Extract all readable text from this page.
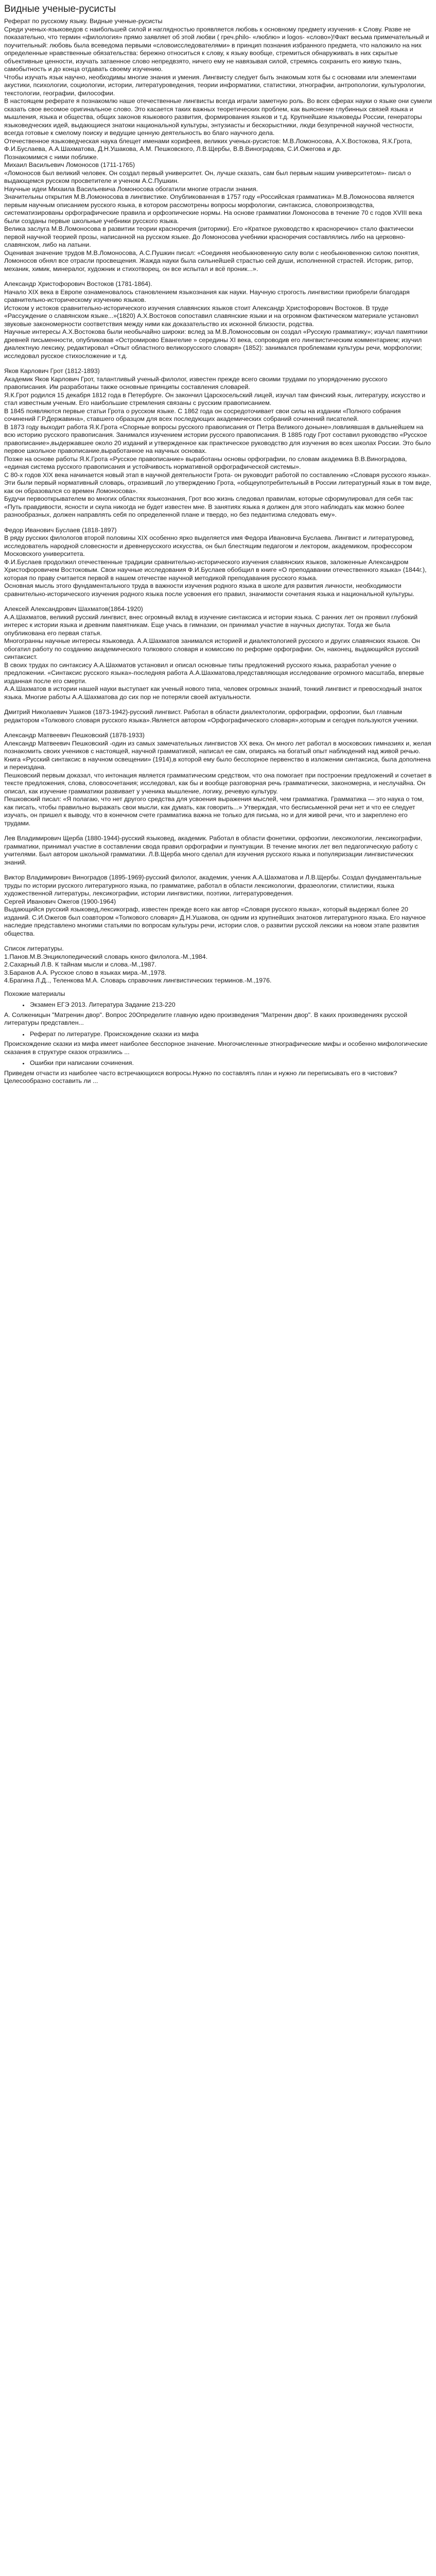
Видные ученые-русисты

Реферат по русскому языку. Видные ученые-русисты

Среди ученых-языковедов с наибольшей силой и наглядностью проявляется любовь к основному предмету изучения- к Слову. Разве не показательно, что термин «филология» прямо заявляет об этой любви ( греч.philo- «люблю» и logos- «слово»)!Факт весьма примечательный и поучительный: любовь была всеведома первыми «словоисследователями» в принцип познания избранного предмета, что наложило на них определенные нравственные обязательства: бережно относиться к слову, к языку вообще, стремиться обнаруживать в них скрытые объективные ценности, изучать затаенное слово непредвзято, ничего ему не навязывая силой, стремясь сохранить его живую ткань, самобытность и до конца отдавать своему изучению.

Чтобы изучать язык научно, необходимы многие знания и умения. Лингвисту следует быть знакомым хотя бы с основами или элементами акустики, психологии, социологии, истории, литературоведения, теории информатики, статистики, этнографии, антропологии, культурологии, текстологии, географии, философии.

В настоящем реферате я познакомлю наше отечественные лингвисты всегда играли заметную роль. Во всех сферах науки о языке они сумели сказать свое весомое оригинальное слово. Это касается таких важных теоретических проблем, как выяснение глубинных связей языка и мышления, языка и общества, общих законов языкового развития, формирования языков и т.д. Крупнейшие языковеды России, генераторы языковедческих идей, выдающиеся знатоки национальной культуры, энтузиасты и бескорыстники, люди безупречной научной честности, всегда готовые к смелому поиску и ведущие ценную деятельность во благо научного дела.

Отечественное языковедческая наука блещет именами корифеев, великих ученых-русистов: М.В.Ломоносова, А.Х.Востокова, Я.К.Грота, Ф.И.Буслаева, А.А.Шахматова, Д.Н.Ушакова, А.М. Пешковского, Л.В.Щербы, В.В.Виноградова, С.И.Ожегова и др.

Познакомимся с ними поближе.

Михаил Васильевич Ломоносов (1711-1765)

«Ломоносов был великий человек. Он создал первый университет. Он, лучше сказать, сам был первым нашим университетом»- писал о выдающемся русском просветителе и ученом А.С.Пушкин.

Научные идеи Михаила Васильевича Ломоносова обогатили многие отрасли знания.

Значительны открытия М.В.Ломоносова в лингвистике. Опубликованная в 1757 году «Российская грамматика» М.В.Ломоносова является первым научным описанием русского языка, в котором рассмотрены вопросы морфологии, синтаксиса, словопроизводства, систематизированы орфографические правила и орфоэпические нормы. На основе грамматики Ломоносова в течение 70 с годов XVIII века были созданы первые школьные учебники русского языка.

Велика заслуга М.В.Ломоносова в развитии теории красноречия (риторики). Его «Краткое руководство к красноречию» стало фактически первой научной теорией прозы, написанной на русском языке. До Ломоносова учебники красноречия составлялись либо на церковно-славянском, либо на латыни.

Оценивая значение трудов М.В.Ломоносова, А.С.Пушкин писал: «Соединяя необыкновенную силу воли с необыкновенною силою понятия, Ломоносов обнял все отрасли просвещения. Жажда науки была сильнейшей страстью сей души, исполненной страстей. Историк, ритор, механик, химик, минералог, художник и стихотворец, он все испытал и всё проник...».

Александр Христофорович Востоков (1781-1864).

Начало XIX века в Европе ознаменовалось становлением языкознания как науки. Научную строгость лингвистики приобрели благодаря сравнительно-историческому изучению языков.

Истоком у истоков сравнительно-исторического изучения славянских языков стоит Александр Христофорович Востоков. В труде «Рассуждение о славянском языке...»(1820) А.Х.Востоков сопоставил славянские языки и на огромном фактическом материале установил звуковые закономерности соответствия между ними как доказательство их исконной близости, родства.

Научные интересы А.Х.Востокова были необычайно широки: вслед за М.В.Ломоносовым он создал «Русскую грамматику»; изучал памятники древней письменности, опубликовав «Остромирово Евангелие » середины XI века, сопроводив его лингвистическим комментарием; изучил диалектную лексику, редактировал «Опыт областного великорусского словаря» (1852): занимался проблемами культуры речи, морфологии; исследовал русское стихосложение и т.д.

Яков Карлович Грот (1812-1893)

Академик Яков Карлович Грот, талантливый ученый-филолог, известен прежде всего своими трудами по упорядочению русского правописания. Им разработаны также основные принципы составления словарей.

Я.К.Грот родился 15 декабря 1812 года в Петербурге. Он закончил Царскосельский лицей, изучал там финский язык, литературу, искусство и стал известным ученым. Его наибольшие стремления связаны с русским правописанием.

В 1845 появляются первые статьи Грота о русском языке. С 1862 года он сосредоточивает свои силы на издании «Полного собрания сочинений Г.Р.Державина», ставшего образцом для всех последующих академических собраний сочинений писателей.

В 1873 году выходит работа Я.К.Грота «Спорные вопросы русского правописания от Петра Великого доныне»,повлиявшая в дальнейшем на всю историю русского правописания. Занимался изучением истории русского правописания. В 1885 году Грот составил руководство «Русское правописание»,выдержавшее около 20 изданий и утвержденное как практическое руководство для изучения во всех школах России. Это было первое школьное правописание,выработанное на научных основах.

Позже на основе работы Я.К.Грота «Русское правописание» выработаны основы орфографии, по словам академика В.В.Виноградова, «единая система русского правописания и устойчивость нормативной орфографической системы».

С 80-х годов XIX века начинается новый этап в научной деятельности Грота- он руководит работой по составлению «Словаря русского языка». Эти были первый нормативный словарь, отразивший ,по утверждению Грота, «общеупотребительный в России литературный язык в том виде, как он образовался со времен Ломоносова».

Будучи первооткрывателем во многих областях языкознания, Грот всю жизнь следовал правилам, которые сформулировал для себя так: «Путь правдивости, ясности и скупа никогда не будет известен мне. В занятиях языка я должен для этого наблюдать как можно более разнообразных, должен направлять себя по определенной плане и твердо, но без педантизма следовать ему».

Федор Иванович Буслаев (1818-1897)

В ряду русских филологов второй половины XIX особенно ярко выделяется имя Федора Ивановича Буслаева. Лингвист и литературовед, исследователь народной словесности и древнерусского искусства, он был блестящим педагогом и лектором, академиком, профессором Московского университета.

Ф.И.Буслаев продолжил отечественные традиции сравнительно-исторического изучения славянских языков, заложенные Александром Христофоровичем Востоковым. Свои научные исследования Ф.И.Буслаев обобщил в книге «О преподавании отечественного языка» (1844г.), которая по праву считается первой в нашем отечестве научной методикой преподавания русского языка.

Основная мысль этого фундаментального труда в важности изучения родного языка в школе для развития личности, необходимости сравнительно-исторического изучения родного языка после усвоения его правил, значимости сочетания языка и национальной культуры.

Алексей Александрович Шахматов(1864-1920)

А.А.Шахматов, великий русский лингвист, внес огромный вклад в изучение синтаксиса и истории языка. С ранних лет он проявил глубокий интерес к истории языка и древним памятникам. Еще учась в гимназии, он принимал участие в научных диспутах. Тогда же была опубликована его первая статья.

Многогранны научные интересы языковеда. А.А.Шахматов занимался историей и диалектологией русского и других славянских языков. Он обогатил работу по созданию академического толкового словаря и комиссию по реформе орфографии. Он, наконец, выдающийся русский синтаксист.

В своих трудах по синтаксису А.А.Шахматов установил и описал основные типы предложений русского языка, разработал учение о предложении. «Синтаксис русского языка»-последняя работа А.А.Шахматова,представляющая исследование огромного масштаба, впервые изданная после его смерти.

А.А.Шахматов в истории нашей науки выступает как ученый нового типа, человек огромных знаний, тонкий лингвист и превосходный знаток языка. Многие работы А.А.Шахматова до сих пор не потеряли своей актуальности.

Дмитрий Николаевич Ушаков (1873-1942)-русский лингвист. Работал в области диалектологии, орфографии, орфоэпии, был главным редактором «Толкового словаря русского языка».Является автором «Орфографического словаря»,которым и сегодня пользуются ученики.

Александр Матвеевич Пешковский (1878-1933)

Александр Матвеевич Пешковский -один из самых замечательных лингвистов XX века. Он много лет работал в московских гимназиях и, желая познакомить своих учеников с настоящей, научной грамматикой, написал ее сам, опираясь на богатый опыт наблюдений над живой речью. Книга «Русский синтаксис в научном освещении» (1914),в которой ему было бесспорное первенство в изложении синтаксиса, была дополнена и переиздана.

Пешковский первым доказал, что интонация является грамматическим средством, что она помогает при построении предложений и сочетает в тексте предложения, слова, словосочетания; исследовал, как бы и вообще разговорная речь грамматически, закономерна, и неслучайна. Он описал, как изучение грамматики развивает у ученика мышление, логику, речевую культуру.

Пешковский писал: «Я полагаю, что нет другого средства для усвоения выражения мыслей, чем грамматика. Грамматика — это наука о том, как писать, чтобы правильно выражать свои мысли, как думать, как говорить...» Утверждая, что бесписьменной речи нет и что ее следует изучать, он пришел к выводу, что в конечном счете грамматика важна не только для письма, но и для живой речи, что и закреплено его трудами.

Лев Владимирович Щерба (1880-1944)-русский языковед, академик. Работал в области фонетики, орфоэпии, лексикологии, лексикографии, грамматики, принимал участие в составлении свода правил орфографии и пунктуации. В течение многих лет вел педагогическую работу с учителями. Был автором школьной грамматики. Л.В.Щерба много сделал для изучения русского языка и популяризации лингвистических знаний.

Виктор Владимирович Виноградов (1895-1969)-русский филолог, академик, ученик А.А.Шахматова и Л.В.Щербы. Создал фундаментальные труды по истории русского литературного языка, по грамматике, работал в области лексикологии, фразеологии, стилистики, языка художественной литературы, лексикографии, истории лингвистики, поэтики, литературоведения.

Сергей Иванович Ожегов (1900-1964)

Выдающийся русский языковед,лексикограф, известен прежде всего как автор «Словаря русского языка», который выдержал более 20 изданий. С.И.Ожегов был соавтором «Толкового словаря» Д.Н.Ушакова, он одним из крупнейших знатоков литературного языка. Его научное наследие представлено многими статьями по вопросам культуры речи, истории слов, о развитии русской лексики на новом этапе развития общества.

Список литературы.

1.Панов.М.В.Энциклопедический словарь юного филолога.-М.,1984.

2.Сахарный Л.В. К тайнам мысли и слова.-М.,1987.

3.Баранов А.А. Русское слово в языках мира.-М.,1978.

4.Брагина Л.Д.., Теленкова М.А. Словарь справочник лингвистических терминов.-М.,1976.

Похожие материалы

• Экзамен ЕГЭ 2013. Литература Задание 213-220

А. Солженицын "Матренин двор". Вопрос 20Определите главную идею произведения "Матренин двор". В каких произведениях русской литературы представлен...

• Реферат по литературе. Происхождение сказки из мифа

Происхождение сказки из мифа имеет наиболее бесспорное значение. Многочисленные этнографические мифы и особенно мифологические сказания в структуре сказок отразились ...

• Ошибки при написании сочинения.

Приведем отчасти из наиболее часто встречающихся вопросы.Нужно по составлять план и нужно ли переписывать его в чистовик?Целесообразно составить ли ...
